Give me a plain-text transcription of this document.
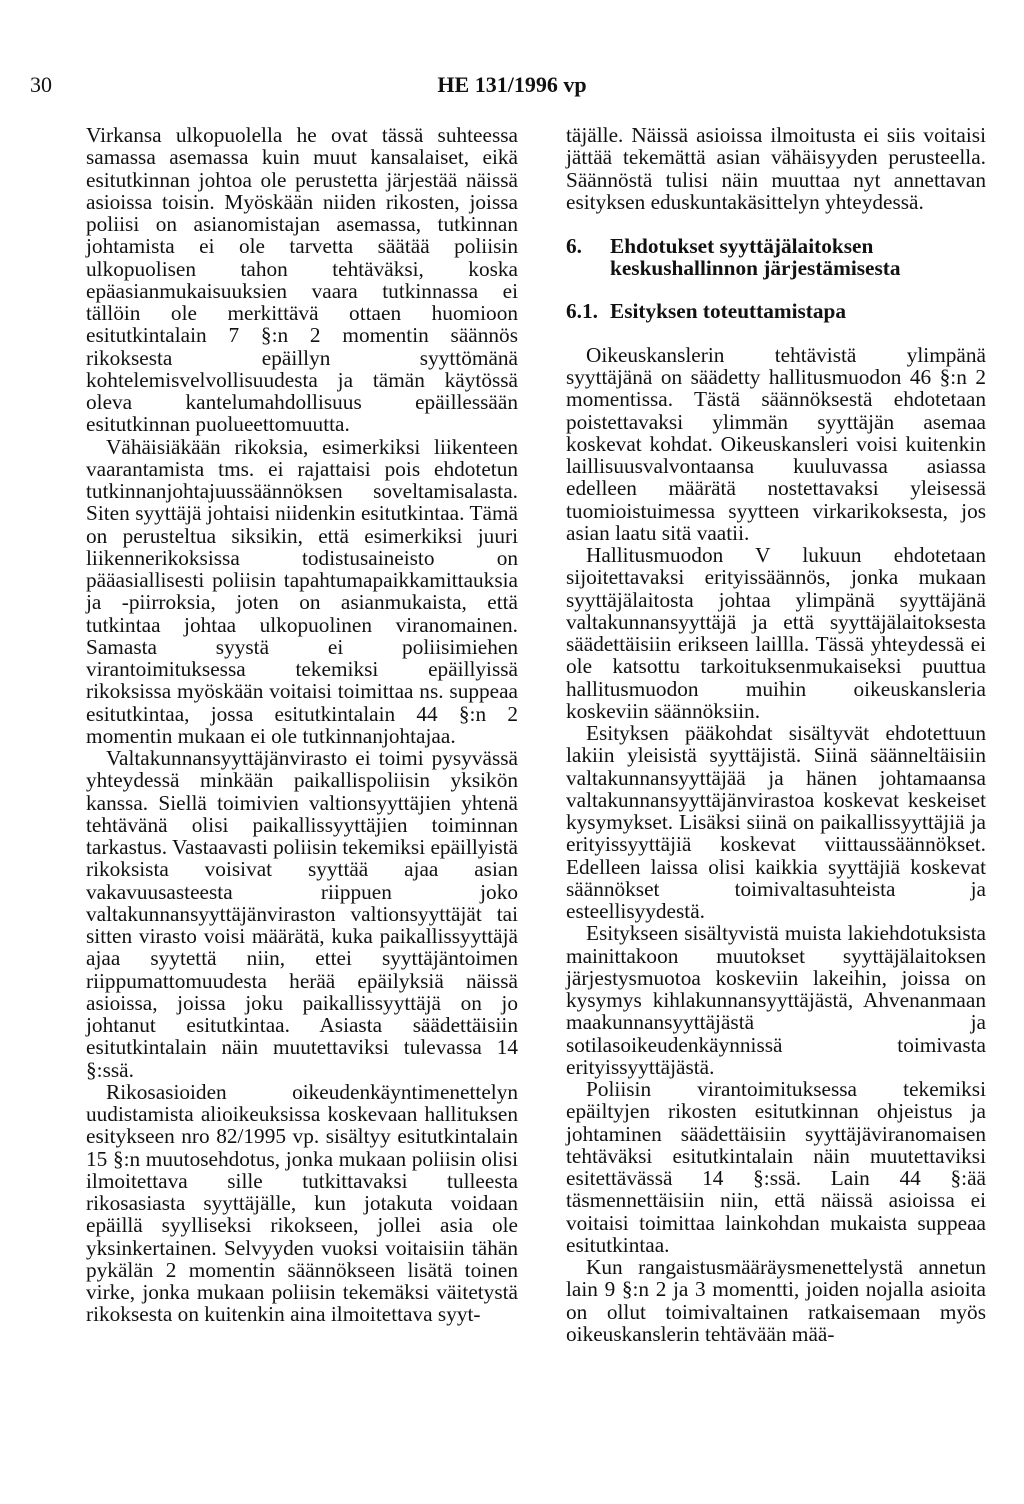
30	HE 131/1996 vp

Virkansa ulkopuolella he ovat tässä suhteessa samassa asemassa kuin muut kansalaiset, eikä esitutkinnan johtoa ole perustetta järjestää näissä asioissa toisin. Myöskään niiden rikosten, joissa poliisi on asianomistajan asemassa, tutkinnan johtamista ei ole tarvetta säätää poliisin ulkopuolisen tahon tehtäväksi, koska epäasianmukaisuuksien vaara tutkinnassa ei tällöin ole merkittävä ottaen huomioon esitutkintalain 7 §:n 2 momentin säännös rikoksesta epäillyn syyttömänä kohtelemisvelvollisuudesta ja tämän käytössä oleva kantelumahdollisuus epäillessään esitutkinnan puolueettomuutta.

Vähäisiäkään rikoksia, esimerkiksi liikenteen vaarantamista tms. ei rajattaisi pois ehdotetun tutkinnanjohtajuussäännöksen soveltamisalasta. Siten syyttäjä johtaisi niidenkin esitutkintaa. Tämä on perusteltua siksikin, että esimerkiksi juuri liikennerikoksissa todistusaineisto on pääasiallisesti poliisin tapahtumapaikkamittauksia ja -piirroksia, joten on asianmukaista, että tutkintaa johtaa ulkopuolinen viranomainen. Samasta syystä ei poliisimiehen virantoimituksessa tekemiksi epäillyissä rikoksissa myöskään voitaisi toimittaa ns. suppeaa esitutkintaa, jossa esitutkintalain 44 §:n 2 momentin mukaan ei ole tutkinnanjohtajaa.

Valtakunnansyyttäjänvirasto ei toimi pysyvässä yhteydessä minkään paikallispoliisin yksikön kanssa. Siellä toimivien valtionsyyttäjien yhtenä tehtävänä olisi paikallissyyttäjien toiminnan tarkastus. Vastaavasti poliisin tekemiksi epäillyistä rikoksista voisivat syyttää ajaa asian vakavuusasteesta riippuen joko valtakunnansyyttäjänviraston valtionsyyttäjät tai sitten virasto voisi määrätä, kuka paikallissyyttäjä ajaa syytettä niin, ettei syyttäjäntoimen riippumattomuudesta herää epäilyksiä näissä asioissa, joissa joku paikallissyyttäjä on jo johtanut esitutkintaa. Asiasta säädettäisiin esitutkintalain näin muutettaviksi tulevassa 14 §:ssä.

Rikosasioiden oikeudenkäyntimenettelyn uudistamista alioikeuksissa koskevaan hallituksen esitykseen nro 82/1995 vp. sisältyy esitutkintalain 15 §:n muutosehdotus, jonka mukaan poliisin olisi ilmoitettava sille tutkittavaksi tulleesta rikosasiasta syyttäjälle, kun jotakuta voidaan epäillä syylliseksi rikokseen, jollei asia ole yksinkertainen. Selvyyden vuoksi voitaisiin tähän pykälän 2 momentin säännökseen lisätä toinen virke, jonka mukaan poliisin tekemäksi väitetystä rikoksesta on kuitenkin aina ilmoitettava syyt-

täjälle. Näissä asioissa ilmoitusta ei siis voitaisi jättää tekemättä asian vähäisyyden perusteella. Säännöstä tulisi näin muuttaa nyt annettavan esityksen eduskuntakäsittelyn yhteydessä.

6.	Ehdotukset syyttäjälaitoksen keskushallinnon järjestämisesta
6.1. Esityksen toteuttamistapa

Oikeuskanslerin tehtävistä ylimpänä syyttäjänä on säädetty hallitusmuodon 46 §:n 2 momentissa. Tästä säännöksestä ehdotetaan poistettavaksi ylimmän syyttäjän asemaa koskevat kohdat. Oikeuskansleri voisi kuitenkin laillisuusvalvontaansa kuuluvassa asiassa edelleen määrätä nostettavaksi yleisessä tuomioistuimessa syytteen virkarikoksesta, jos asian laatu sitä vaatii.

Hallitusmuodon V lukuun ehdotetaan sijoitettavaksi erityissäännös, jonka mukaan syyttäjälaitosta johtaa ylimpänä syyttäjänä valtakunnansyyttäjä ja että syyttäjälaitoksesta säädettäisiin erikseen laillla. Tässä yhteydessä ei ole katsottu tarkoituksenmukaiseksi puuttua hallitusmuodon muihin oikeuskansleria koskeviin säännöksiin.

Esityksen pääkohdat sisältyvät ehdotettuun lakiin yleisistä syyttäjistä. Siinä säänneltäisiin valtakunnansyyttäjää ja hänen johtamaansa valtakunnansyyttäjänvirastoa koskevat keskeiset kysymykset. Lisäksi siinä on paikallissyyttäjiä ja erityissyyttäjiä koskevat viittaussäännökset. Edelleen laissa olisi kaikkia syyttäjiä koskevat säännökset toimivaltasuhteista ja esteellisyydestä.

Esitykseen sisältyvistä muista lakiehdotuksista mainittakoon muutokset syyttäjälaitoksen järjestysmuotoa koskeviin lakeihin, joissa on kysymys kihlakunnansyyttäjästä, Ahvenanmaan maakunnansyyttäjästä ja sotilasoikeudenkäynnissä toimivasta erityissyyttäjästä.

Poliisin virantoimituksessa tekemiksi epäiltyjen rikosten esitutkinnan ohjeistus ja johtaminen säädettäisiin syyttäjäviranomaisen tehtäväksi esitutkintalain näin muutettaviksi esitettävässä 14 §:ssä. Lain 44 §:ää täsmennettäisiin niin, että näissä asioissa ei voitaisi toimittaa lainkohdan mukaista suppeaa esitutkintaa.

Kun rangaistusmääräysmenettelystä annetun lain 9 §:n 2 ja 3 momentti, joiden nojalla asioita on ollut toimivaltainen ratkaisemaan myös oikeuskanslerin tehtävään mää-
